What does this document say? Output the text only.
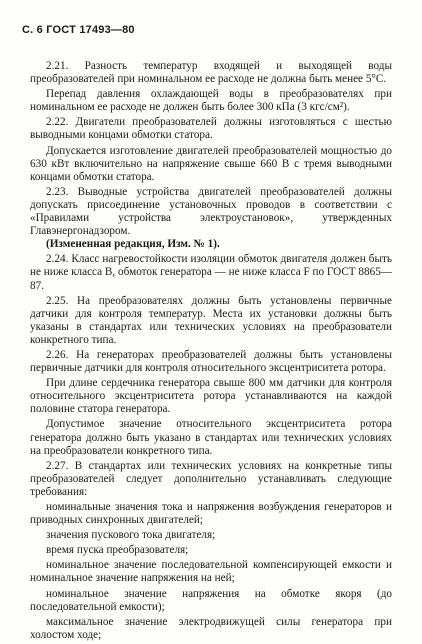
С. 6 ГОСТ 17493—80

2.21. Разность температур входящей и выходящей воды преобразователей при номинальном ее расходе не должна быть менее 5°С.

Перепад давления охлаждающей воды в преобразователях при номинальном ее расходе не должен быть более 300 кПа (3 кгс/см²).

2.22. Двигатели преобразователей должны изготовляться с шестью выводными концами обмотки статора.

Допускается изготовление двигателей преобразователей мощностью до 630 кВт включительно на напряжение свыше 660 В с тремя выводными концами обмотки статора.

2.23. Выводные устройства двигателей преобразователей должны допускать присоединение установочных проводов в соответствии с «Правилами устройства электроустановок», утвержденных Главэнергонадзором.

(Измененная редакция, Изм. № 1).

2.24. Класс нагревостойкости изоляции обмоток двигателя должен быть не ниже класса В, обмоток генератора — не ниже класса F по ГОСТ 8865—87.

2.25. На преобразователях должны быть установлены первичные датчики для контроля температур. Места их установки должны быть указаны в стандартах или технических условиях на преобразователи конкретного типа.

2.26. На генераторах преобразователей должны быть установлены первичные датчики для контроля относительного эксцентриситета ротора.

При длине сердечника генератора свыше 800 мм датчики для контроля относительного эксцентриситета ротора устанавливаются на каждой половине статора генератора.

Допустимое значение относительного эксцентриситета ротора генератора должно быть указано в стандартах или технических условиях на преобразователи конкретного типа.

2.27. В стандартах или технических условиях на конкретные типы преобразователей следует дополнительно устанавливать следующие требования:

номинальные значения тока и напряжения возбуждения генераторов и приводных синхронных двигателей;

значения пускового тока двигателя;

время пуска преобразователя;

номинальное значение последовательной компенсирующей емкости и номинальное значение напряжения на ней;

номинальное значение напряжения на обмотке якоря (до последовательной емкости);

максимальное значение электродвижущей силы генератора при холостом ходе;
